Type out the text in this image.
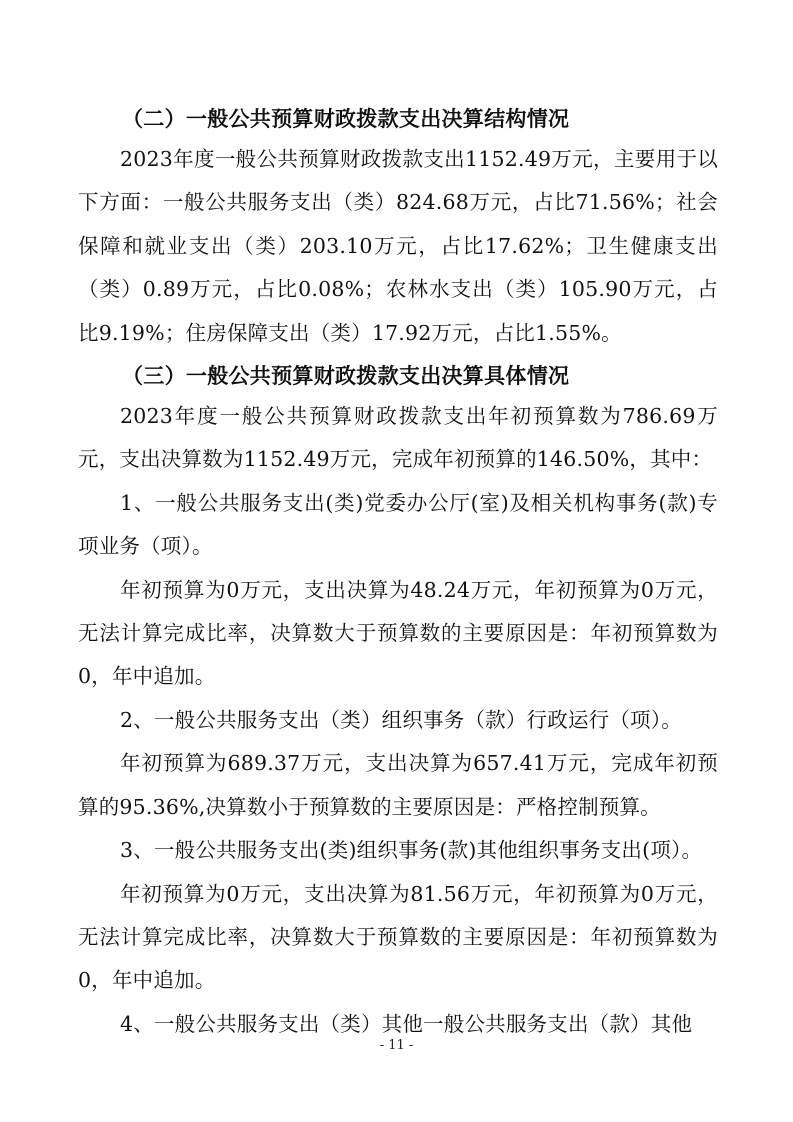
（二）一般公共预算财政拨款支出决算结构情况

2023年度一般公共预算财政拨款支出1152.49万元，主要用于以下方面：一般公共服务支出（类）824.68万元，占比71.56%；社会保障和就业支出（类）203.10万元，占比17.62%；卫生健康支出（类）0.89万元，占比0.08%；农林水支出（类）105.90万元，占比9.19%；住房保障支出（类）17.92万元，占比1.55%。

（三）一般公共预算财政拨款支出决算具体情况

2023年度一般公共预算财政拨款支出年初预算数为786.69万元，支出决算数为1152.49万元，完成年初预算的146.50%，其中：

1、一般公共服务支出(类)党委办公厅(室)及相关机构事务(款)专项业务（项）。

年初预算为0万元，支出决算为48.24万元，年初预算为0万元，无法计算完成比率，决算数大于预算数的主要原因是：年初预算数为0，年中追加。

2、一般公共服务支出（类）组织事务（款）行政运行（项）。

年初预算为689.37万元，支出决算为657.41万元，完成年初预算的95.36%,决算数小于预算数的主要原因是：严格控制预算。

3、一般公共服务支出(类)组织事务(款)其他组织事务支出(项）。

年初预算为0万元，支出决算为81.56万元，年初预算为0万元，无法计算完成比率，决算数大于预算数的主要原因是：年初预算数为0，年中追加。

4、一般公共服务支出（类）其他一般公共服务支出（款）其他

- 11 -
